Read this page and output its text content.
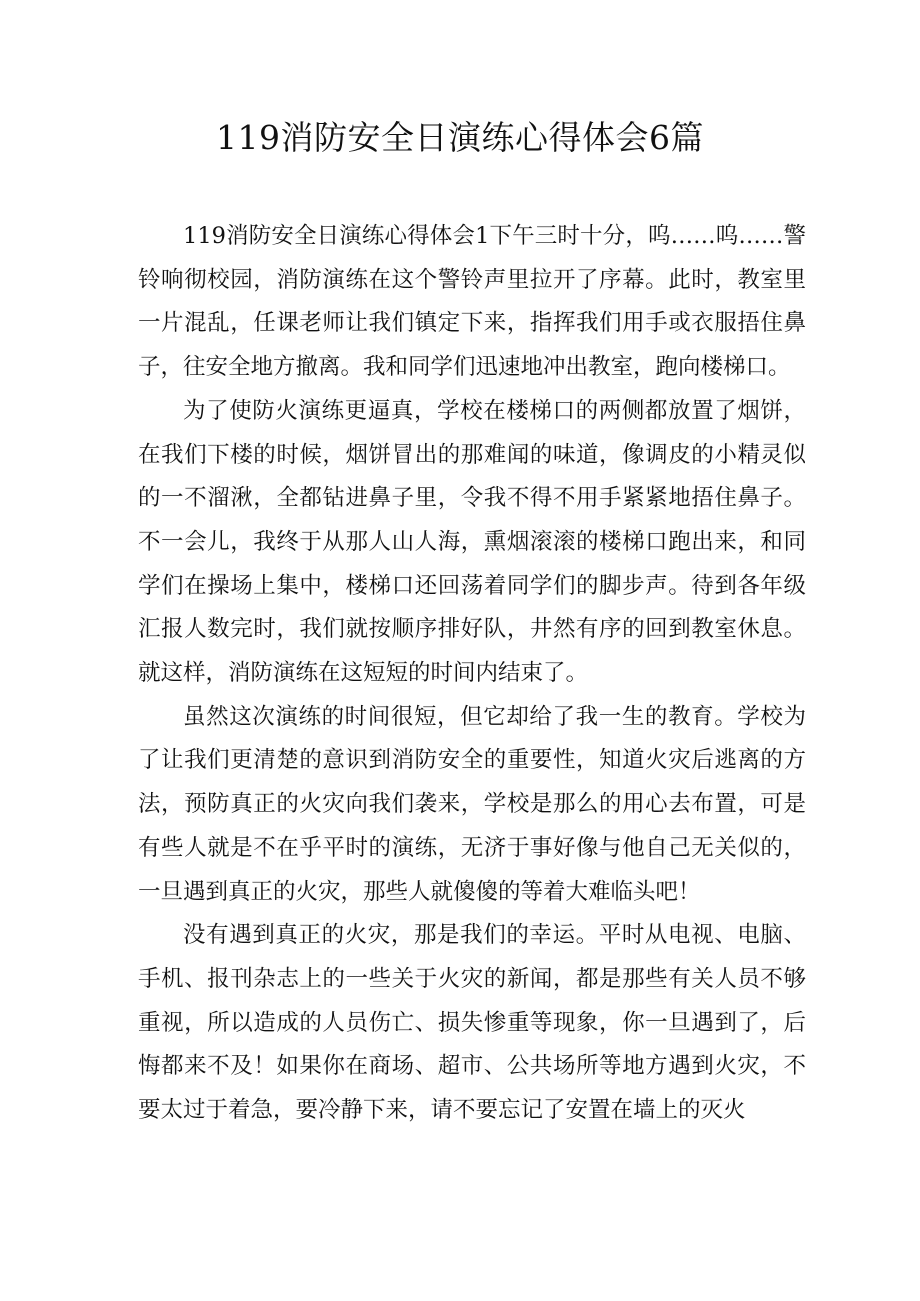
119消防安全日演练心得体会6篇

119消防安全日演练心得体会1下午三时十分，呜……呜……警铃响彻校园，消防演练在这个警铃声里拉开了序幕。此时，教室里一片混乱，任课老师让我们镇定下来，指挥我们用手或衣服捂住鼻子，往安全地方撤离。我和同学们迅速地冲出教室，跑向楼梯口。

为了使防火演练更逼真，学校在楼梯口的两侧都放置了烟饼，在我们下楼的时候，烟饼冒出的那难闻的味道，像调皮的小精灵似的一不溜湫，全都钻进鼻子里，令我不得不用手紧紧地捂住鼻子。不一会儿，我终于从那人山人海，熏烟滚滚的楼梯口跑出来，和同学们在操场上集中，楼梯口还回荡着同学们的脚步声。待到各年级汇报人数完时，我们就按顺序排好队，井然有序的回到教室休息。就这样，消防演练在这短短的时间内结束了。

虽然这次演练的时间很短，但它却给了我一生的教育。学校为了让我们更清楚的意识到消防安全的重要性，知道火灾后逃离的方法，预防真正的火灾向我们袭来，学校是那么的用心去布置，可是有些人就是不在乎平时的演练，无济于事好像与他自己无关似的，一旦遇到真正的火灾，那些人就傻傻的等着大难临头吧！

没有遇到真正的火灾，那是我们的幸运。平时从电视、电脑、手机、报刊杂志上的一些关于火灾的新闻，都是那些有关人员不够重视，所以造成的人员伤亡、损失惨重等现象，你一旦遇到了，后悔都来不及！如果你在商场、超市、公共场所等地方遇到火灾，不要太过于着急，要冷静下来，请不要忘记了安置在墙上的灭火
